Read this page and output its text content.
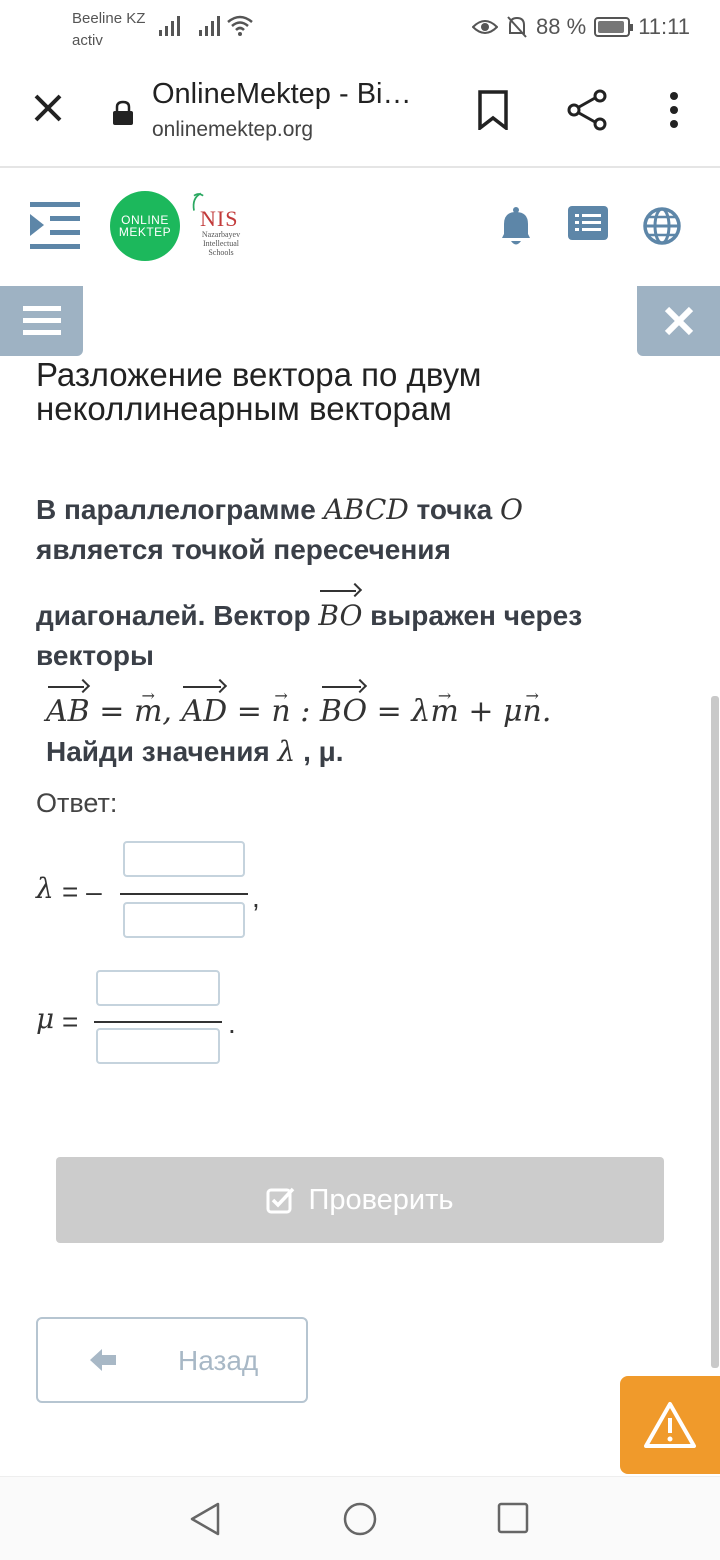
Beeline KZ
activ
88 % 11:11
OnlineMektep - Bi…
onlinemektep.org
ONLINE
MEKTEP
NIS
Nazarbayev
Intellectual
Schools
Разложение вектора по двум
неколлинеарным векторам
В параллелограмме ABCD точка O
является точкой пересечения
диагоналей. Вектор BO выражен через
векторы
AB = m →, AD = n → : BO = λm → + μn →.
Найди значения λ , μ.
Ответ:
λ = –	,
μ =	.
Проверить
Назад
